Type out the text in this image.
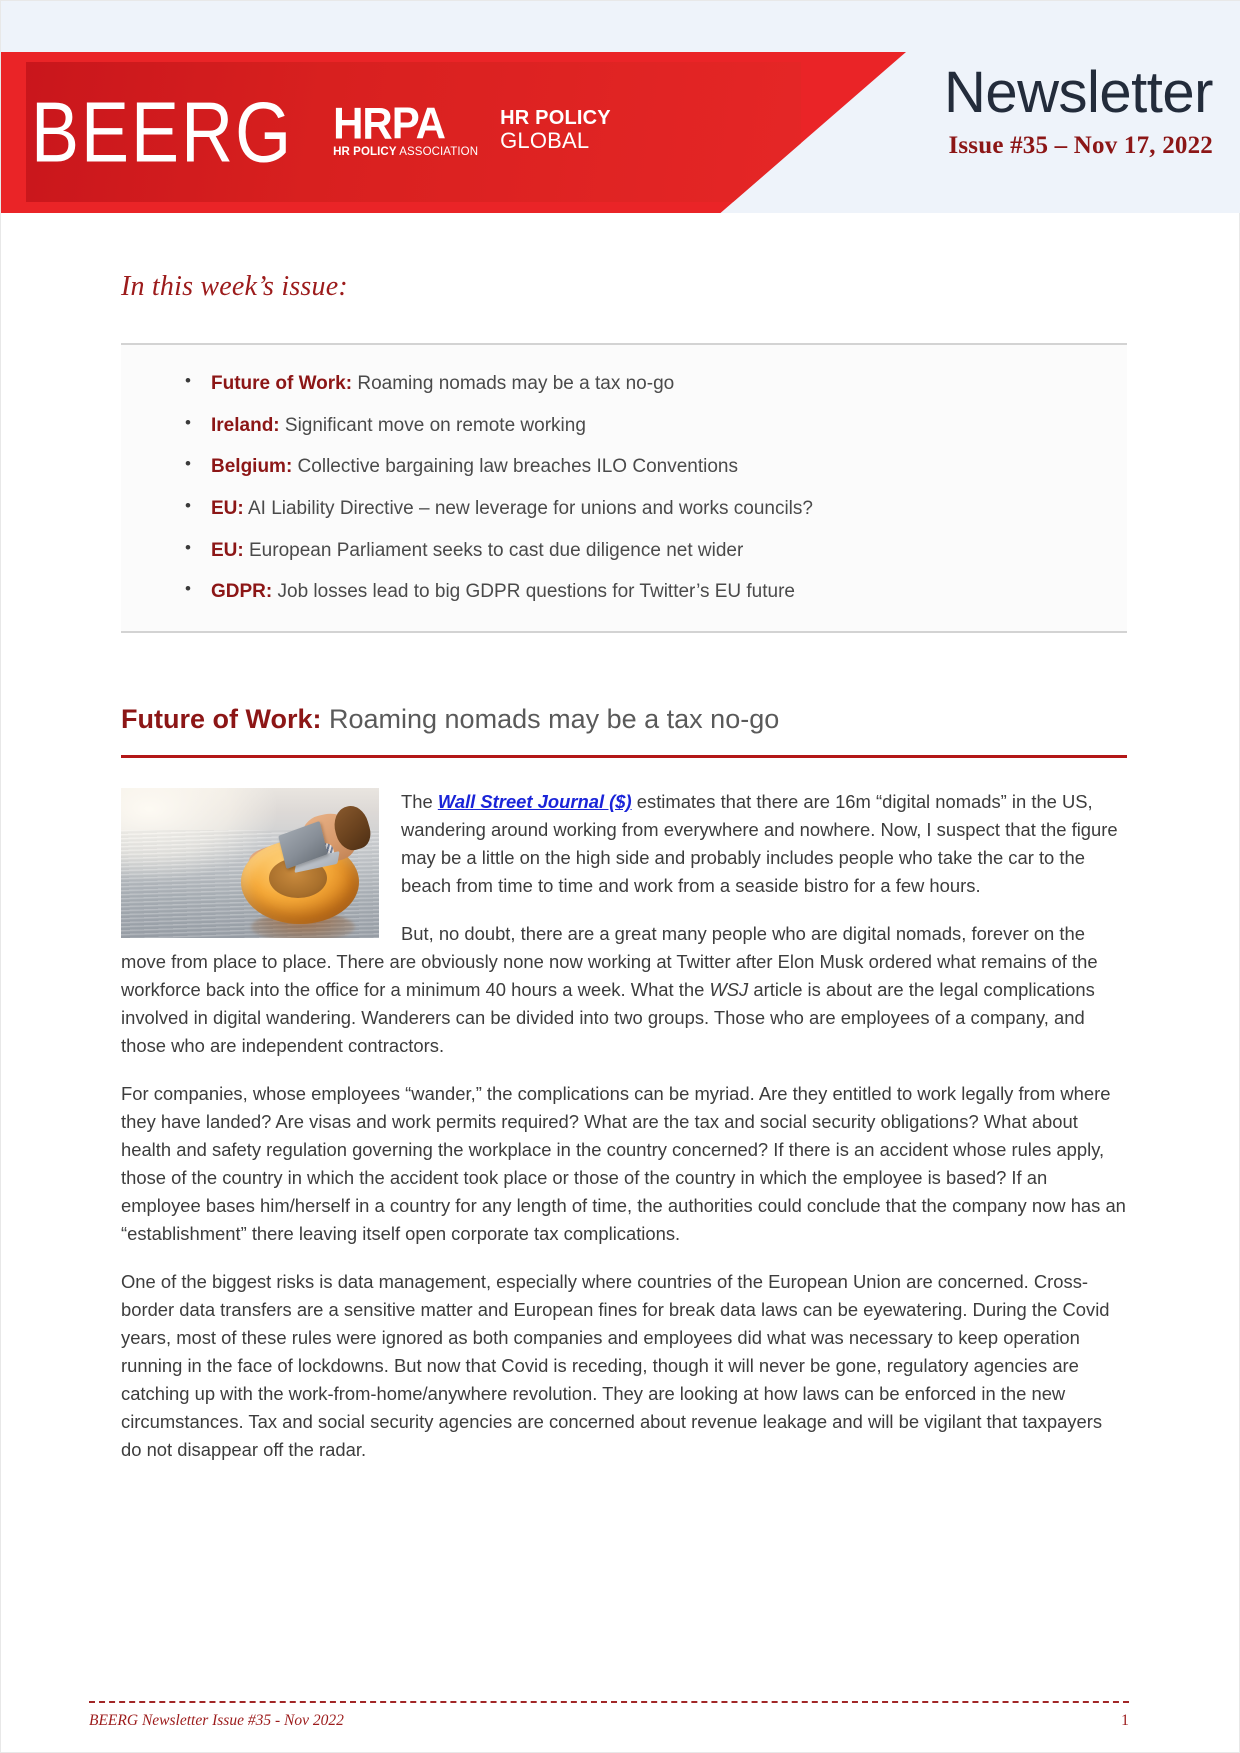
BEERG HRPA
HR POLICY ASSOCIATION
HR POLICY
GLOBAL
Newsletter
Issue #35 – Nov 17, 2022
In this week’s issue:
• Future of Work: Roaming nomads may be a tax no-go
• Ireland: Significant move on remote working
• Belgium: Collective bargaining law breaches ILO Conventions
• EU: AI Liability Directive – new leverage for unions and works councils?
• EU: European Parliament seeks to cast due diligence net wider
• GDPR: Job losses lead to big GDPR questions for Twitter’s EU future
Future of Work: Roaming nomads may be a tax no-go

The Wall Street Journal ($) estimates that there are 16m “digital nomads” in the US, wandering around working from everywhere and nowhere. Now, I suspect that the figure may be a little on the high side and probably includes people who take the car to the beach from time to time and work from a seaside bistro for a few hours.

But, no doubt, there are a great many people who are digital nomads, forever on the move from place to place. There are obviously none now working at Twitter after Elon Musk ordered what remains of the workforce back into the office for a minimum 40 hours a week. What the WSJ article is about are the legal complications involved in digital wandering. Wanderers can be divided into two groups. Those who are employees of a company, and those who are independent contractors.

For companies, whose employees “wander,” the complications can be myriad. Are they entitled to work legally from where they have landed? Are visas and work permits required? What are the tax and social security obligations? What about health and safety regulation governing the workplace in the country concerned? If there is an accident whose rules apply, those of the country in which the accident took place or those of the country in which the employee is based? If an employee bases him/herself in a country for any length of time, the authorities could conclude that the company now has an “establishment” there leaving itself open corporate tax complications.

One of the biggest risks is data management, especially where countries of the European Union are concerned. Cross-border data transfers are a sensitive matter and European fines for break data laws can be eyewatering. During the Covid years, most of these rules were ignored as both companies and employees did what was necessary to keep operation running in the face of lockdowns. But now that Covid is receding, though it will never be gone, regulatory agencies are catching up with the work-from-home/anywhere revolution. They are looking at how laws can be enforced in the new circumstances. Tax and social security agencies are concerned about revenue leakage and will be vigilant that taxpayers do not disappear off the radar.

BEERG Newsletter Issue #35 - Nov 2022	1
